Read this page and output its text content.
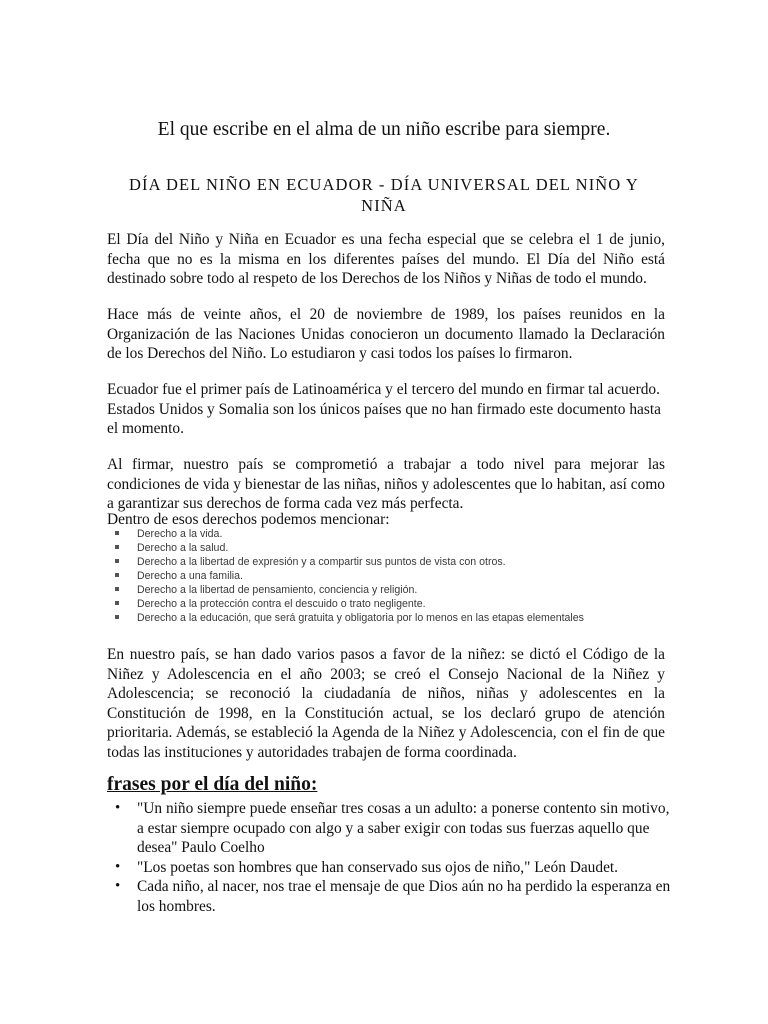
El que escribe en el alma de un niño escribe para siempre.
DÍA DEL NIÑO EN ECUADOR - DÍA UNIVERSAL DEL NIÑO Y NIÑA

El Día del Niño y Niña en Ecuador es una fecha especial que se celebra el 1 de junio, fecha que no es la misma en los diferentes países del mundo. El Día del Niño está destinado sobre todo al respeto de los Derechos de los Niños y Niñas de todo el mundo.

Hace más de veinte años, el 20 de noviembre de 1989, los países reunidos en la Organización de las Naciones Unidas conocieron un documento llamado la Declaración de los Derechos del Niño. Lo estudiaron y casi todos los países lo firmaron.

Ecuador fue el primer país de Latinoamérica y el tercero del mundo en firmar tal acuerdo. Estados Unidos y Somalia son los únicos países que no han firmado este documento hasta el momento.

Al firmar, nuestro país se comprometió a trabajar a todo nivel para mejorar las condiciones de vida y bienestar de las niñas, niños y adolescentes que lo habitan, así como a garantizar sus derechos de forma cada vez más perfecta.

Dentro de esos derechos podemos mencionar:

Derecho a la vida.
Derecho a la salud.
Derecho a la libertad de expresión y a compartir sus puntos de vista con otros.
Derecho a una familia.
Derecho a la libertad de pensamiento, conciencia y religión.
Derecho a la protección contra el descuido o trato negligente.
Derecho a la educación, que será gratuita y obligatoria por lo menos en las etapas elementales

En nuestro país, se han dado varios pasos a favor de la niñez: se dictó el Código de la Niñez y Adolescencia en el año 2003; se creó el Consejo Nacional de la Niñez y Adolescencia; se reconoció la ciudadanía de niños, niñas y adolescentes en la Constitución de 1998, en la Constitución actual, se los declaró grupo de atención prioritaria. Además, se estableció la Agenda de la Niñez y Adolescencia, con el fin de que todas las instituciones y autoridades trabajen de forma coordinada.

frases por el día del niño:
• "Un niño siempre puede enseñar tres cosas a un adulto: a ponerse contento sin motivo, a estar siempre ocupado con algo y a saber exigir con todas sus fuerzas aquello que desea" Paulo Coelho
• "Los poetas son hombres que han conservado sus ojos de niño," León Daudet.
• Cada niño, al nacer, nos trae el mensaje de que Dios aún no ha perdido la esperanza en los hombres.
